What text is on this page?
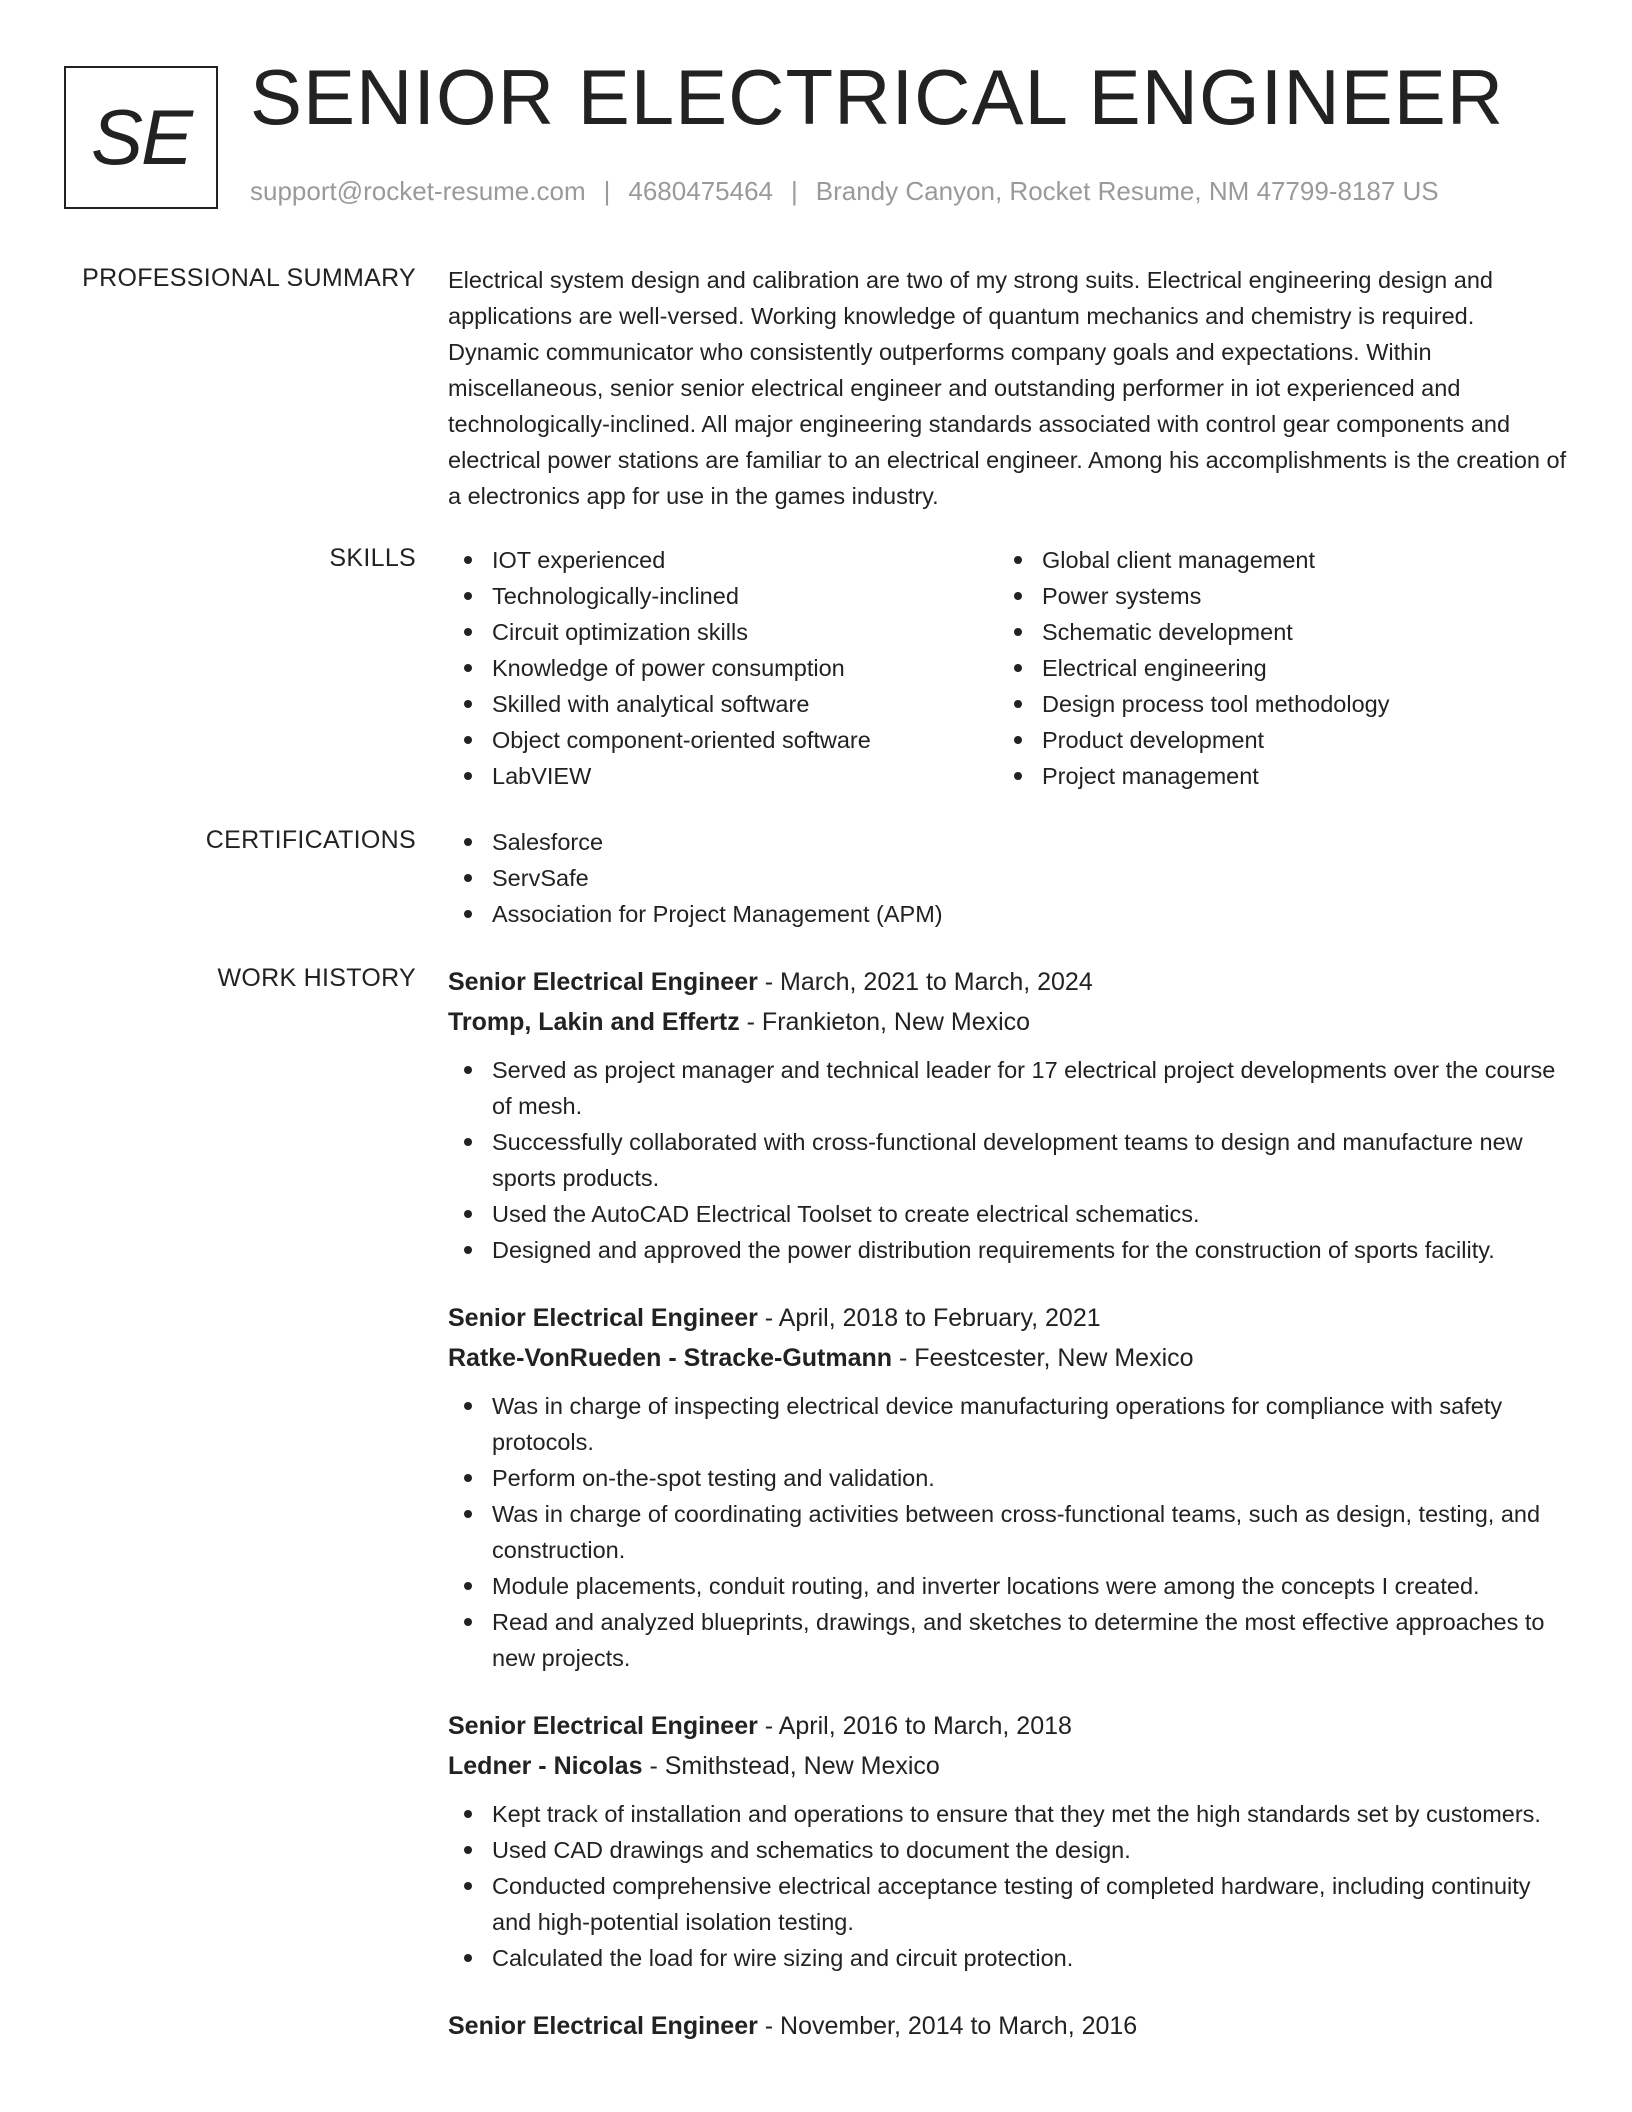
SE SENIOR ELECTRICAL ENGINEER
support@rocket-resume.com | 4680475464 | Brandy Canyon, Rocket Resume, NM 47799-8187 US
PROFESSIONAL SUMMARY Electrical system design and calibration are two of my strong suits. Electrical engineering design and applications are well-versed. Working knowledge of quantum mechanics and chemistry is required. Dynamic communicator who consistently outperforms company goals and expectations. Within miscellaneous, senior senior electrical engineer and outstanding performer in iot experienced and technologically-inclined. All major engineering standards associated with control gear components and electrical power stations are familiar to an electrical engineer. Among his accomplishments is the creation of a electronics app for use in the games industry.

SKILLS	IOT experienced
Technologically-inclined
Circuit optimization skills
Knowledge of power consumption
Skilled with analytical software
Object component-oriented software
LabVIEW
Global client management
Power systems
Schematic development
Electrical engineering
Design process tool methodology
Product development
Project management
CERTIFICATIONS	Salesforce
ServSafe
Association for Project Management (APM)
WORK HISTORY Senior Electrical Engineer - March, 2021 to March, 2024
Tromp, Lakin and Effertz - Frankieton, New Mexico
Served as project manager and technical leader for 17 electrical project developments over the course of mesh.
Successfully collaborated with cross-functional development teams to design and manufacture new sports products.
Used the AutoCAD Electrical Toolset to create electrical schematics.
Designed and approved the power distribution requirements for the construction of sports facility.
Senior Electrical Engineer - April, 2018 to February, 2021
Ratke-VonRueden - Stracke-Gutmann - Feestcester, New Mexico
Was in charge of inspecting electrical device manufacturing operations for compliance with safety protocols.
Perform on-the-spot testing and validation.
Was in charge of coordinating activities between cross-functional teams, such as design, testing, and construction.
Module placements, conduit routing, and inverter locations were among the concepts I created.
Read and analyzed blueprints, drawings, and sketches to determine the most effective approaches to new projects.
Senior Electrical Engineer - April, 2016 to March, 2018
Ledner - Nicolas - Smithstead, New Mexico
Kept track of installation and operations to ensure that they met the high standards set by customers.
Used CAD drawings and schematics to document the design.
Conducted comprehensive electrical acceptance testing of completed hardware, including continuity and high-potential isolation testing.
Calculated the load for wire sizing and circuit protection.
Senior Electrical Engineer - November, 2014 to March, 2016
